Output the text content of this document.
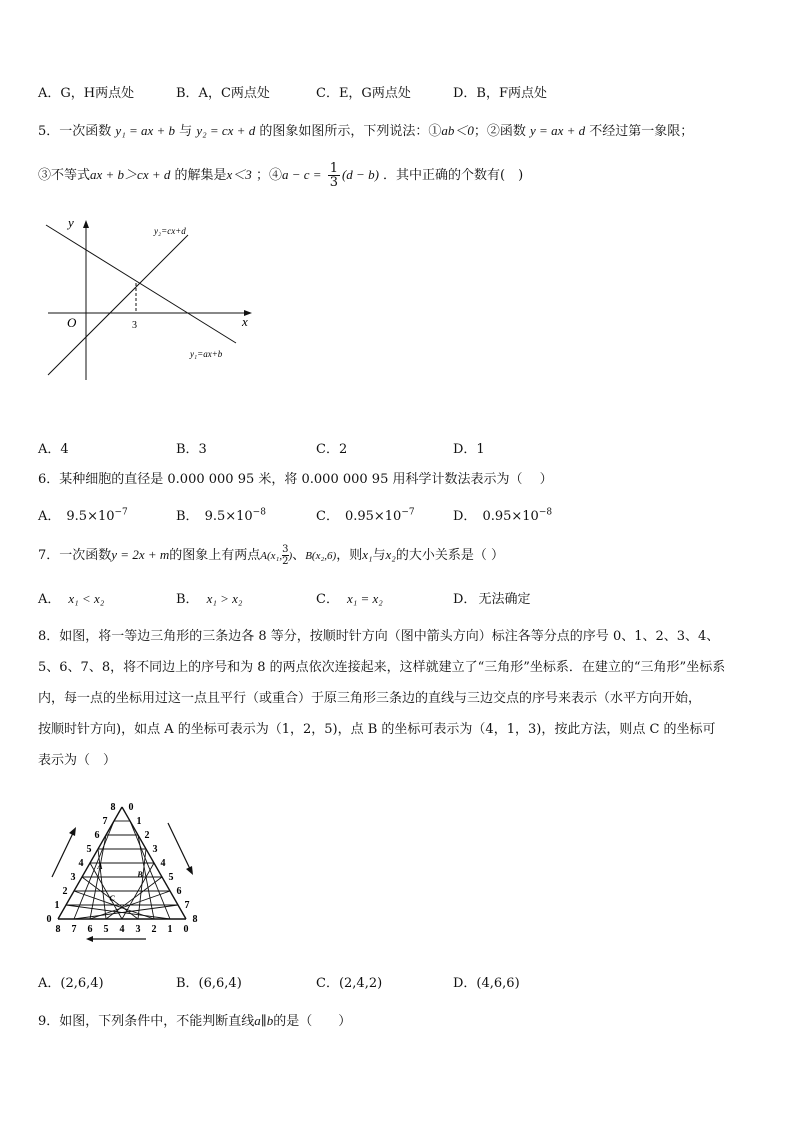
A．G，H两点处	B．A，C两点处	C．E，G两点处	D．B，F两点处
5．一次函数 y₁ = ax + b 与 y₂ = cx + d 的图象如图所示，下列说法：①ab＜0；②函数 y = ax + d 不经过第一象限；
③不等式ax + b＞cx + d 的解集是x＜3 ；④a − $c = \frac{1}{3} (d - b)$ ．其中正确的个数有(　)
y
x
O	3
y₂=cx+d
y₁=ax+b
A．4	B．3	C．2	D．1
6．某种细胞的直径是 0.000 000 95 米，将 0.000 000 95 用科学计数法表示为（　 ）
A． $9.5\times 10^{-7}$	B． $9.5\times 10^{-8}$	C． $0.95\times 10^{-7}$	D． $0.95\times 10^{-8}$
7．一次函数y = 2x + m的图象上有两点A(x₁, $\frac{3}{2}$ )、B(x₂,6)，则x₁与x₂的大小关系是（ ）
A． x₁ < x₂	B． x₁ > x₂	C． x₁ = x₂	D． 无法确定
8．如图，将一等边三角形的三条边各 8 等分，按顺时针方向（图中箭头方向）标注各等分点的序号 0、1、2、3、4、
5、6、7、8，将不同边上的序号和为 8 的两点依次连接起来，这样就建立了“三角形”坐标系．在建立的“三角形”坐标系
内，每一点的坐标用过这一点且平行（或重合）于原三角形三条边的直线与三边交点的序号来表示（水平方向开始，
按顺时针方向)，如点 A 的坐标可表示为（1，2，5)，点 B 的坐标可表示为（4，1，3)，按此方法，则点 C 的坐标可
表示为（　）
0
1
2
3
4
5
6
7
8 0
1
2
3
4
5
6
7
8
8 7 6 5 4 3 2 1 0
A
B
C
A．(2,6,4)	B．(6,6,4)	C．(2,4,2)	D．(4,6,6)
9．如图，下列条件中，不能判断直线a∥b的是（　　）
